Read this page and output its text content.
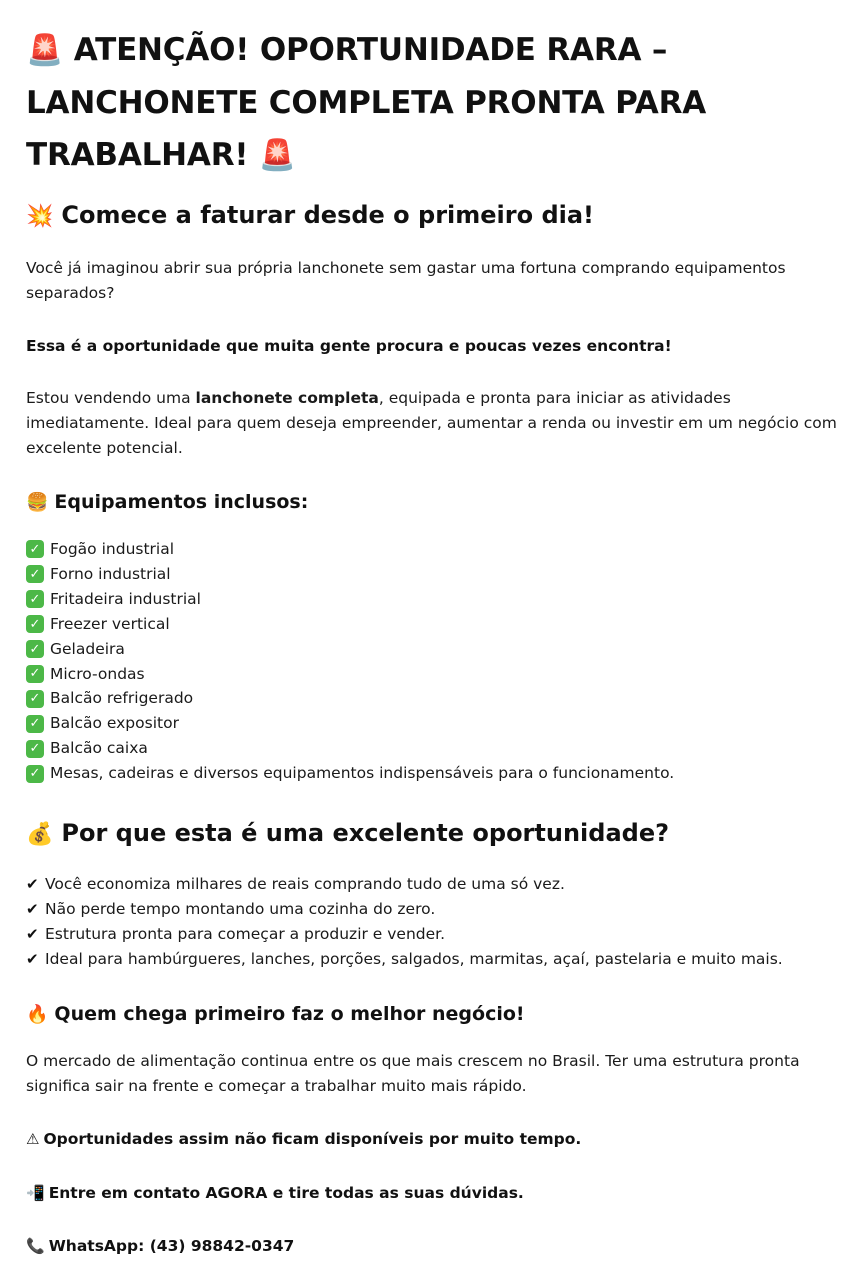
🚨 ATENÇÃO! OPORTUNIDADE RARA –
LANCHONETE COMPLETA PRONTA PARA
TRABALHAR! 🚨
💥 Comece a faturar desde o primeiro dia!

Você já imaginou abrir sua própria lanchonete sem gastar uma fortuna comprando equipamentos separados?

Essa é a oportunidade que muita gente procura e poucas vezes encontra!

Estou vendendo uma lanchonete completa, equipada e pronta para iniciar as atividades imediatamente. Ideal para quem deseja empreender, aumentar a renda ou investir em um negócio com excelente potencial.

🍔 Equipamentos inclusos:
✓ Fogão industrial
✓ Forno industrial
✓ Fritadeira industrial
✓ Freezer vertical
✓ Geladeira
✓ Micro-ondas
✓ Balcão refrigerado
✓ Balcão expositor
✓ Balcão caixa
✓ Mesas, cadeiras e diversos equipamentos indispensáveis para o funcionamento.
💰 Por que esta é uma excelente oportunidade?
✔ Você economiza milhares de reais comprando tudo de uma só vez.
✔ Não perde tempo montando uma cozinha do zero.
✔ Estrutura pronta para começar a produzir e vender.
✔ Ideal para hambúrgueres, lanches, porções, salgados, marmitas, açaí, pastelaria e muito mais.
🔥 Quem chega primeiro faz o melhor negócio!

O mercado de alimentação continua entre os que mais crescem no Brasil. Ter uma estrutura pronta significa sair na frente e começar a trabalhar muito mais rápido.

⚠ Oportunidades assim não ficam disponíveis por muito tempo.

📲 Entre em contato AGORA e tire todas as suas dúvidas.

📞 WhatsApp: (43) 98842-0347
